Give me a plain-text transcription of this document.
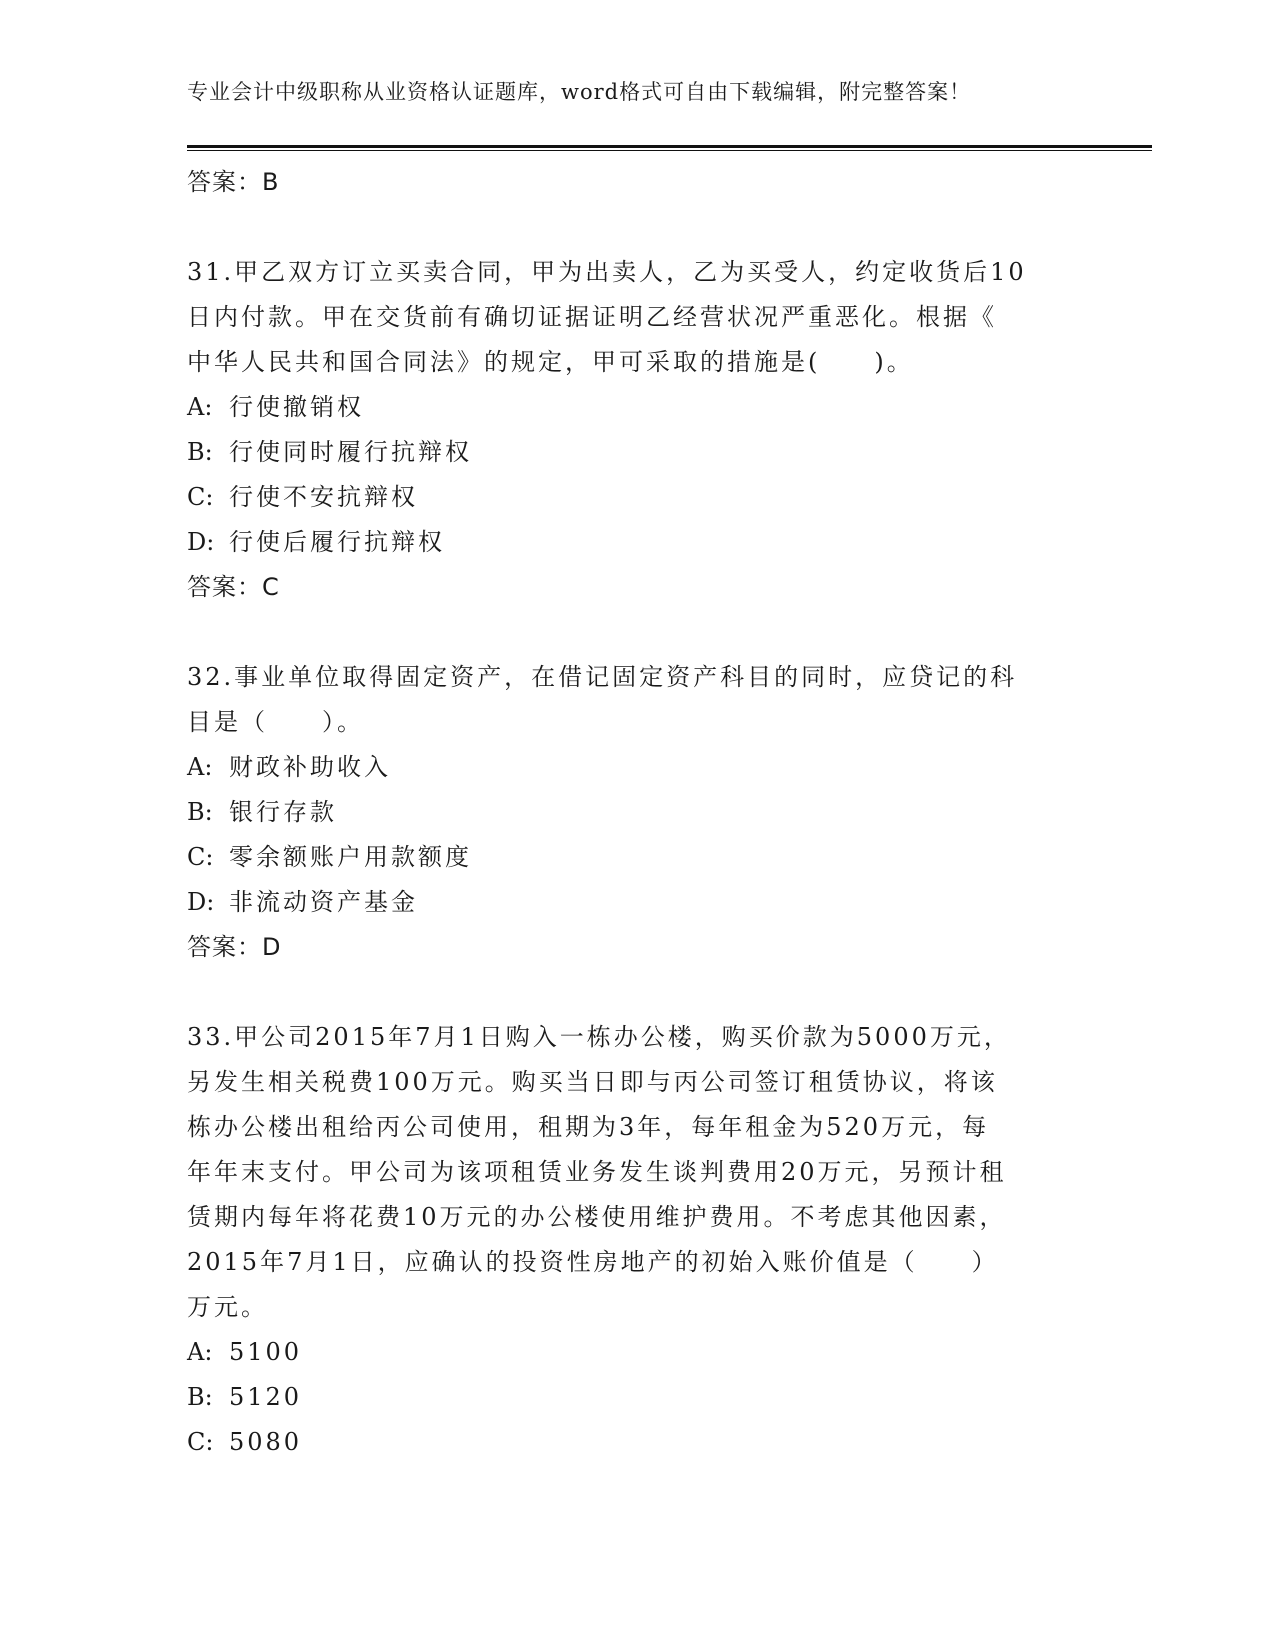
专业会计中级职称从业资格认证题库，word格式可自由下载编辑，附完整答案！
答案：B
31.甲乙双方订立买卖合同，甲为出卖人，乙为买受人，约定收货后10
日内付款。甲在交货前有确切证据证明乙经营状况严重恶化。根据《
中华人民共和国合同法》的规定，甲可采取的措施是(　　)。
A: 行使撤销权
B: 行使同时履行抗辩权
C: 行使不安抗辩权
D: 行使后履行抗辩权
答案：C
32.事业单位取得固定资产，在借记固定资产科目的同时，应贷记的科
目是（　　）。
A: 财政补助收入
B: 银行存款
C: 零余额账户用款额度
D: 非流动资产基金
答案：D
33.甲公司2015年7月1日购入一栋办公楼，购买价款为5000万元，
另发生相关税费100万元。购买当日即与丙公司签订租赁协议，将该
栋办公楼出租给丙公司使用，租期为3年，每年租金为520万元，每
年年末支付。甲公司为该项租赁业务发生谈判费用20万元，另预计租
赁期内每年将花费10万元的办公楼使用维护费用。不考虑其他因素，
2015年7月1日，应确认的投资性房地产的初始入账价值是（　　）
万元。
A: 5100
B: 5120
C: 5080
